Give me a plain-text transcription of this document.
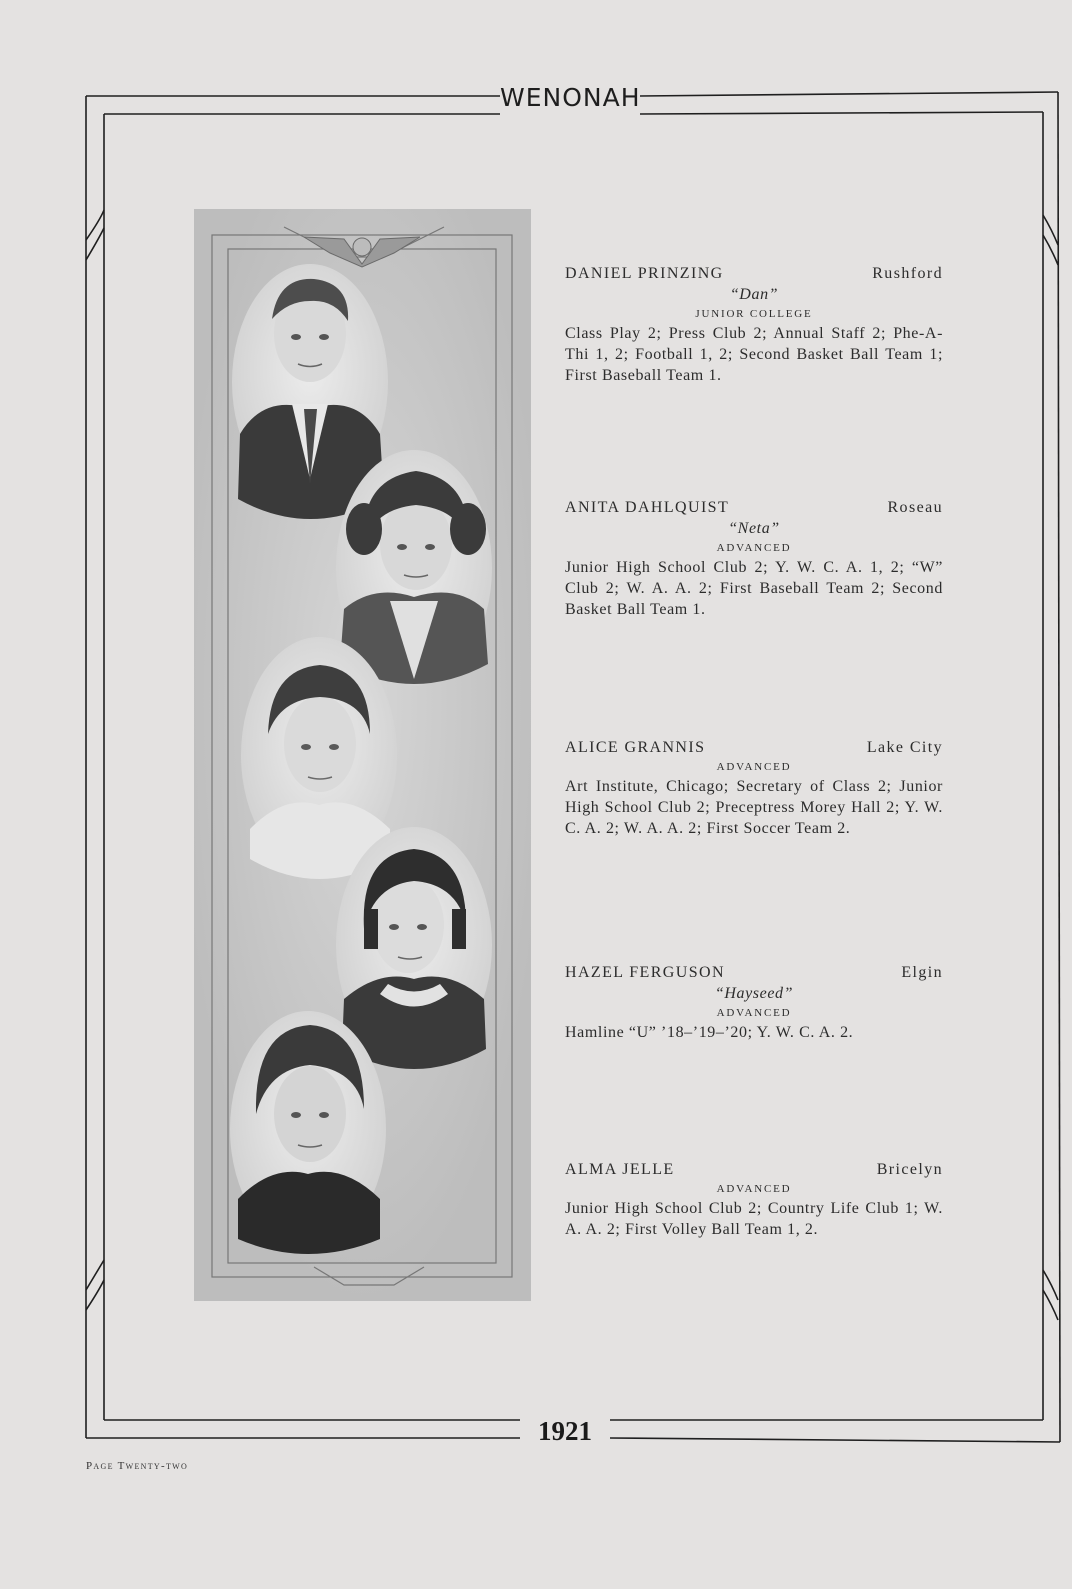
WENONAH
1921
Page Twenty-two
DANIEL PRINZING	Rushford
“Dan”
JUNIOR COLLEGE
Class Play 2; Press Club 2; Annual Staff 2; Phe-A-Thi 1, 2; Football 1, 2; Second Basket Ball Team 1; First Baseball Team 1.
ANITA DAHLQUIST	Roseau
“Neta”
ADVANCED
Junior High School Club 2; Y. W. C. A. 1, 2; “W” Club 2; W. A. A. 2; First Baseball Team 2; Second Basket Ball Team 1.
ALICE GRANNIS	Lake City
ADVANCED
Art Institute, Chicago; Secretary of Class 2; Junior High School Club 2; Preceptress Morey Hall 2; Y. W. C. A. 2; W. A. A. 2; First Soccer Team 2.
HAZEL FERGUSON	Elgin
“Hayseed”
ADVANCED
Hamline “U” ’18–’19–’20; Y. W. C. A. 2.
ALMA JELLE	Bricelyn
ADVANCED
Junior High School Club 2; Country Life Club 1; W. A. A. 2; First Volley Ball Team 1, 2.
